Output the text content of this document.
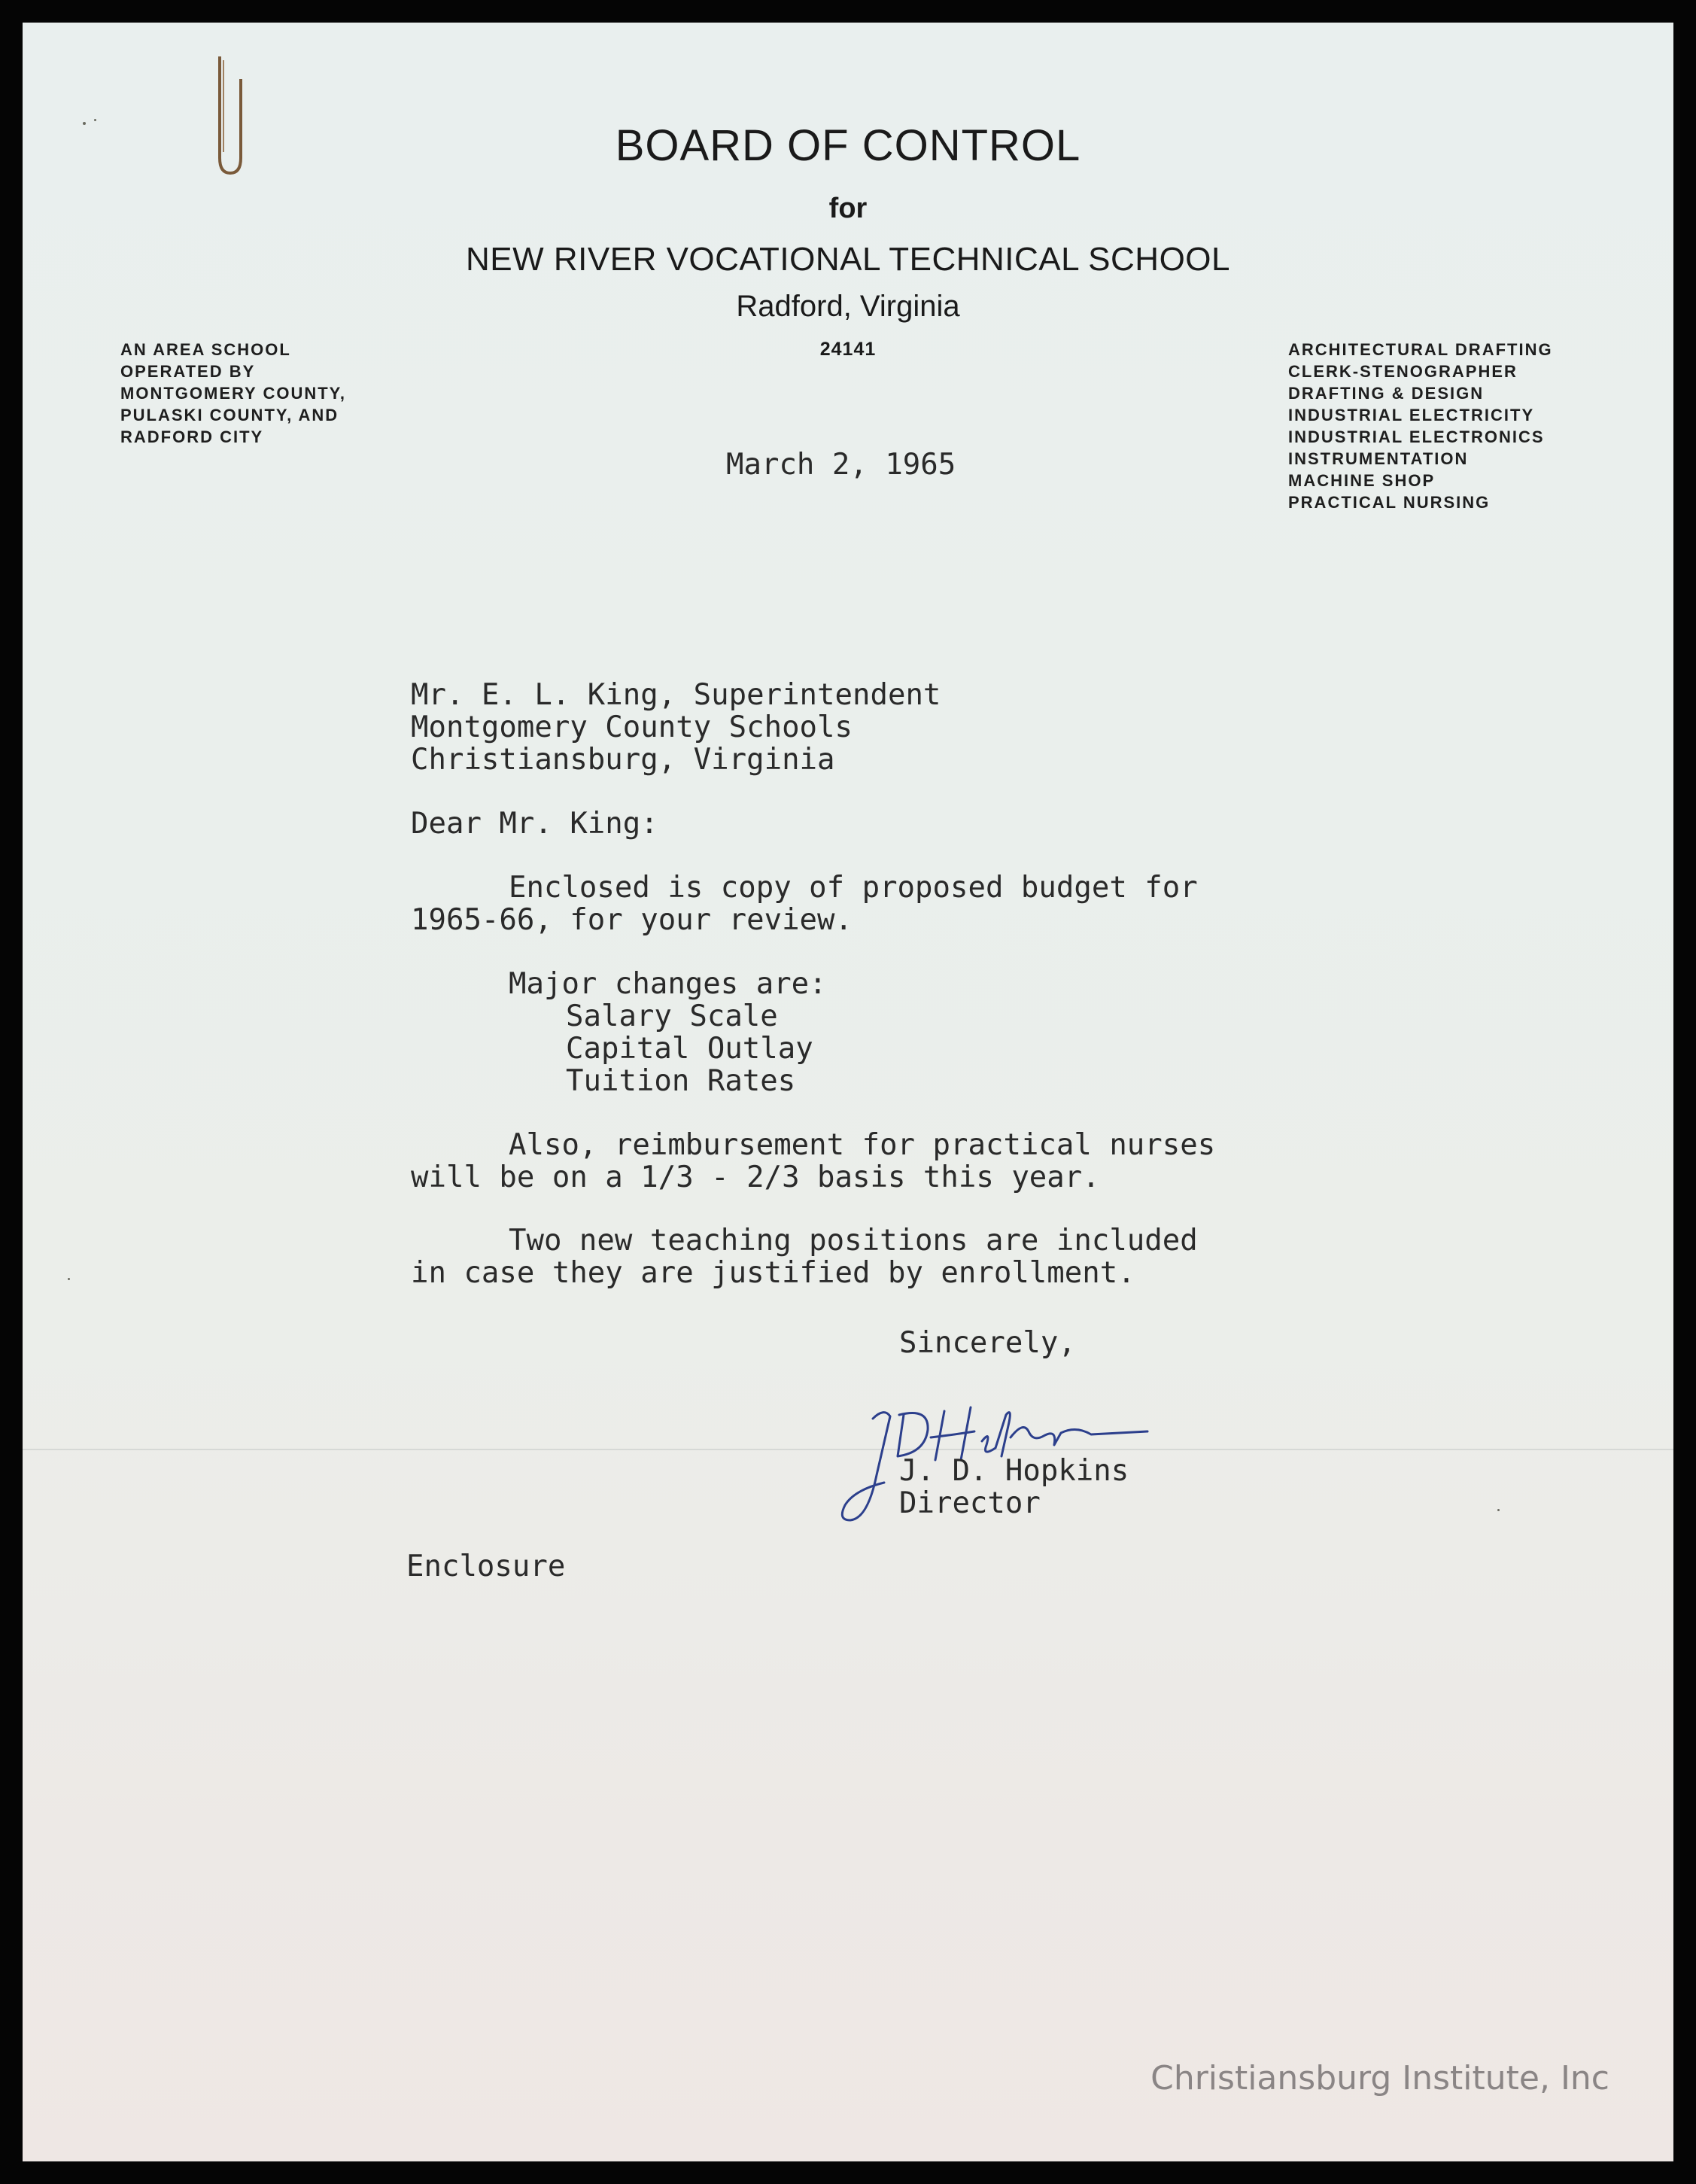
BOARD OF CONTROL
for
NEW RIVER VOCATIONAL TECHNICAL SCHOOL
Radford, Virginia
24141
AN AREA SCHOOL
OPERATED BY
MONTGOMERY COUNTY,
PULASKI COUNTY, AND
RADFORD CITY
ARCHITECTURAL DRAFTING
CLERK-STENOGRAPHER
DRAFTING & DESIGN
INDUSTRIAL ELECTRICITY
INDUSTRIAL ELECTRONICS
INSTRUMENTATION
MACHINE SHOP
PRACTICAL NURSING
March 2, 1965
Mr. E. L. King, Superintendent
Montgomery County Schools
Christiansburg, Virginia
Dear Mr. King:
Enclosed is copy of proposed budget for
1965-66, for your review.
Major changes are:
Salary Scale
Capital Outlay
Tuition Rates
Also, reimbursement for practical nurses
will be on a 1/3 - 2/3 basis this year.
Two new teaching positions are included
in case they are justified by enrollment.
Sincerely,
J. D. Hopkins
Director
Enclosure
Christiansburg Institute, Inc
